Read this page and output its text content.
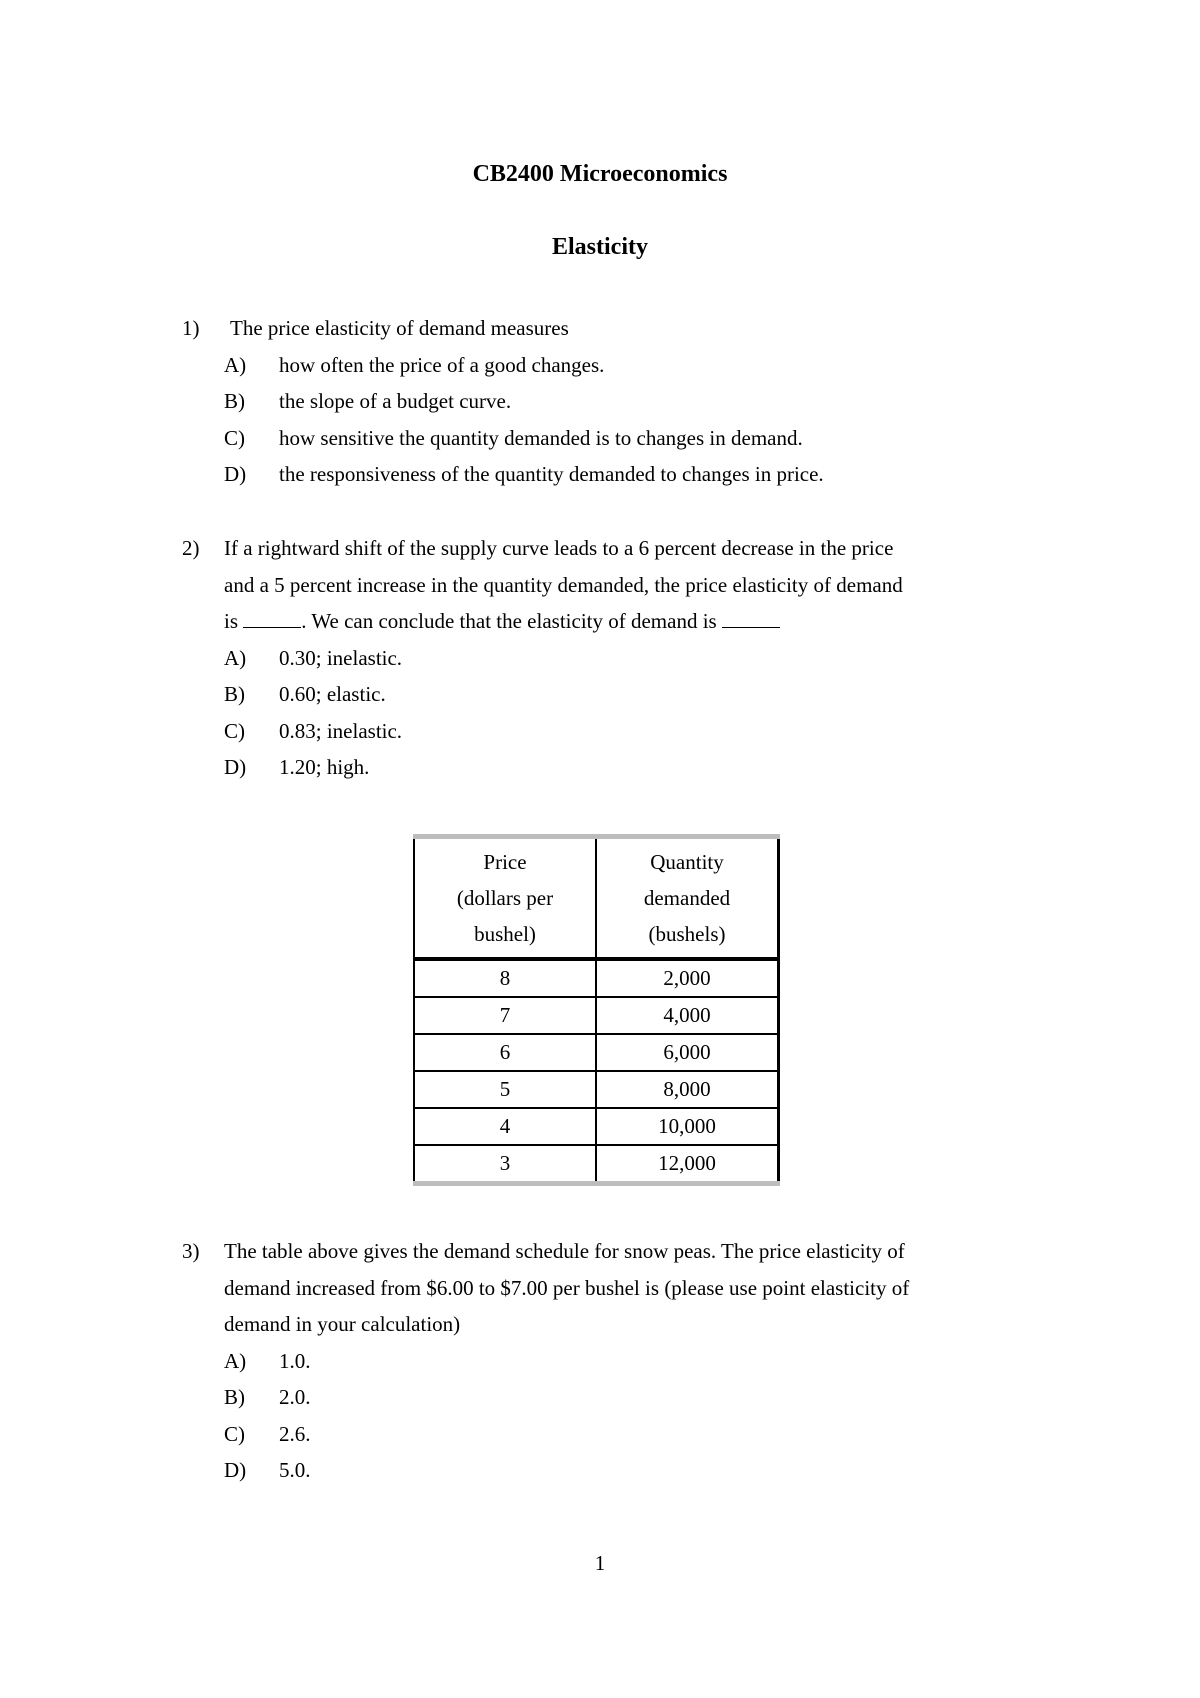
CB2400 Microeconomics
Elasticity
1)	The price elasticity of demand measures
A)	how often the price of a good changes.
B)	the slope of a budget curve.
C)	how sensitive the quantity demanded is to changes in demand.
D)	the responsiveness of the quantity demanded to changes in price.
2)	If a rightward shift of the supply curve leads to a 6 percent decrease in the price
and a 5 percent increase in the quantity demanded, the price elasticity of demand
is	. We can conclude that the elasticity of demand is
A)	0.30; inelastic.
B)	0.60; elastic.
C)	0.83; inelastic.
D)	1.20; high.
Price
(dollars per
bushel)	Quantity
demanded
(bushels)

8	2,000
7	4,000
6	6,000
5	8,000
4	10,000
3	12,000
3)	The table above gives the demand schedule for snow peas. The price elasticity of
demand increased from $6.00 to $7.00 per bushel is (please use point elasticity of
demand in your calculation)
A)	1.0.
B)	2.0.
C)	2.6.
D)	5.0.
1
